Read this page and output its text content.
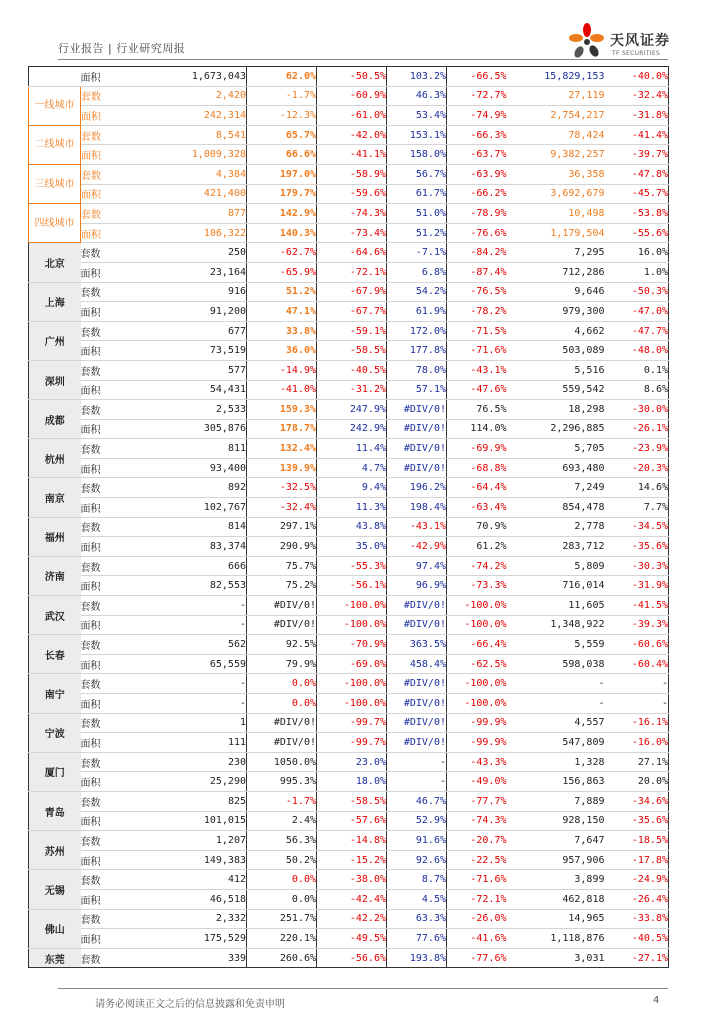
行业报告 | 行业研究周报	天风证券
TF SECURITIES
	面积	1,673,043	62.0%	-50.5%	103.2%	-66.5%	15,829,153	-40.0%

一线城市	套数	2,420	-1.7%	-60.9%	46.3%	-72.7%	27,119	-32.4%
	面积	242,314	-12.3%	-61.0%	53.4%	-74.9%	2,754,217	-31.8%

二线城市	套数	8,541	65.7%	-42.0%	153.1%	-66.3%	78,424	-41.4%
	面积	1,009,328	66.6%	-41.1%	158.0%	-63.7%	9,382,257	-39.7%

三线城市	套数	4,384	197.0%	-58.9%	56.7%	-63.9%	36,358	-47.8%
	面积	421,400	179.7%	-59.6%	61.7%	-66.2%	3,692,679	-45.7%

四线城市	套数	877	142.9%	-74.3%	51.0%	-78.9%	10,498	-53.8%
	面积	106,322	140.3%	-73.4%	51.2%	-76.6%	1,179,504	-55.6%
北京	套数	250	-62.7%	-64.6%	-7.1%	-84.2%	7,295	16.0%
	面积	23,164	-65.9%	-72.1%	6.8%	-87.4%	712,286	1.0%
上海	套数	916	51.2%	-67.9%	54.2%	-76.5%	9,646	-50.3%
	面积	91,200	47.1%	-67.7%	61.9%	-78.2%	979,300	-47.0%
广州	套数	677	33.8%	-59.1%	172.0%	-71.5%	4,662	-47.7%
	面积	73,519	36.0%	-58.5%	177.8%	-71.6%	503,089	-48.0%
深圳	套数	577	-14.9%	-40.5%	78.0%	-43.1%	5,516	0.1%
	面积	54,431	-41.0%	-31.2%	57.1%	-47.6%	559,542	8.6%
成都	套数	2,533	159.3%	247.9%	#DIV/0!	76.5%	18,298	-30.0%
	面积	305,876	178.7%	242.9%	#DIV/0!	114.0%	2,296,885	-26.1%
杭州	套数	811	132.4%	11.4%	#DIV/0!	-69.9%	5,705	-23.9%
	面积	93,400	139.9%	4.7%	#DIV/0!	-68.8%	693,480	-20.3%
南京	套数	892	-32.5%	9.4%	196.2%	-64.4%	7,249	14.6%
	面积	102,767	-32.4%	11.3%	198.4%	-63.4%	854,478	7.7%
福州	套数	814	297.1%	43.8%	-43.1%	70.9%	2,778	-34.5%
	面积	83,374	290.9%	35.0%	-42.9%	61.2%	283,712	-35.6%
济南	套数	666	75.7%	-55.3%	97.4%	-74.2%	5,809	-30.3%
	面积	82,553	75.2%	-56.1%	96.9%	-73.3%	716,014	-31.9%
武汉	套数	-	#DIV/0!	-100.0%	#DIV/0!	-100.0%	11,605	-41.5%
	面积	-	#DIV/0!	-100.0%	#DIV/0!	-100.0%	1,348,922	-39.3%
长春	套数	562	92.5%	-70.9%	363.5%	-66.4%	5,559	-60.6%
	面积	65,559	79.9%	-69.0%	458.4%	-62.5%	598,038	-60.4%
南宁	套数	-	0.0%	-100.0%	#DIV/0!	-100.0%	-	-
	面积	-	0.0%	-100.0%	#DIV/0!	-100.0%	-	-
宁波	套数	1	#DIV/0!	-99.7%	#DIV/0!	-99.9%	4,557	-16.1%
	面积	111	#DIV/0!	-99.7%	#DIV/0!	-99.9%	547,809	-16.0%
厦门	套数	230	1050.0%	23.0%	-	-43.3%	1,328	27.1%
	面积	25,290	995.3%	18.0%	-	-49.0%	156,863	20.0%
青岛	套数	825	-1.7%	-58.5%	46.7%	-77.7%	7,889	-34.6%
	面积	101,015	2.4%	-57.6%	52.9%	-74.3%	928,150	-35.6%
苏州	套数	1,207	56.3%	-14.8%	91.6%	-20.7%	7,647	-18.5%
	面积	149,383	50.2%	-15.2%	92.6%	-22.5%	957,906	-17.8%
无锡	套数	412	0.0%	-38.0%	8.7%	-71.6%	3,899	-24.9%
	面积	46,518	0.0%	-42.4%	4.5%	-72.1%	462,818	-26.4%
佛山	套数	2,332	251.7%	-42.2%	63.3%	-26.0%	14,965	-33.8%
	面积	175,529	220.1%	-49.5%	77.6%	-41.6%	1,118,876	-40.5%
东莞	套数	339	260.6%	-56.6%	193.8%	-77.6%	3,031	-27.1%
请务必阅读正文之后的信息披露和免责申明	4
